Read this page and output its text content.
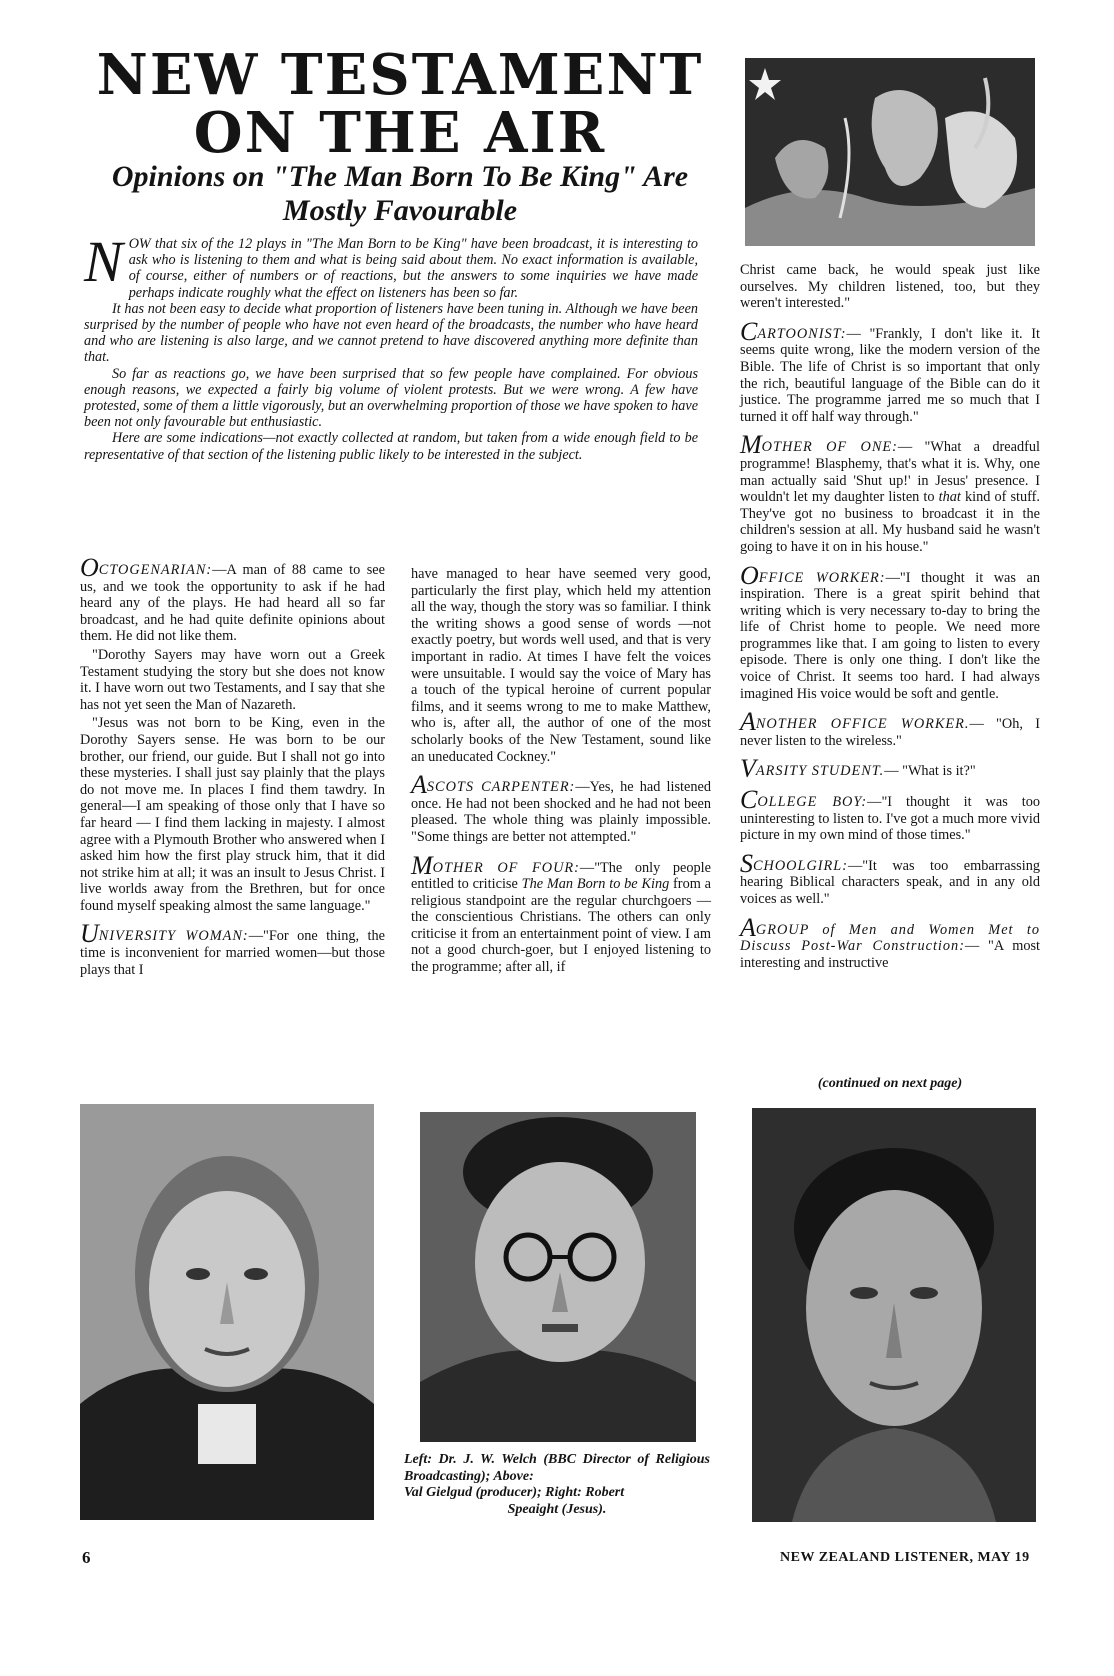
NEW TESTAMENT ON THE AIR
Opinions on "The Man Born To Be King" Are Mostly Favourable

NOW that six of the 12 plays in "The Man Born to be King" have been broadcast, it is interesting to ask who is listening to them and what is being said about them. No exact information is available, of course, either of numbers or of reactions, but the answers to some inquiries we have made perhaps indicate roughly what the effect on listeners has been so far.

It has not been easy to decide what proportion of listeners have been tuning in. Although we have been surprised by the number of people who have not even heard of the broadcasts, the number who have heard and who are listening is also large, and we cannot pretend to have discovered anything more definite than that.

So far as reactions go, we have been surprised that so few people have complained. For obvious enough reasons, we expected a fairly big volume of violent protests. But we were wrong. A few have protested, some of them a little vigorously, but an overwhelming proportion of those we have spoken to have been not only favourable but enthusiastic.

Here are some indications—not exactly collected at random, but taken from a wide enough field to be representative of that section of the listening public likely to be interested in the subject.

OCTOGENARIAN:—A man of 88 came to see us, and we took the opportunity to ask if he had heard any of the plays. He had heard all so far broadcast, and he had quite definite opinions about them. He did not like them.

"Dorothy Sayers may have worn out a Greek Testament studying the story but she does not know it. I have worn out two Testaments, and I say that she has not yet seen the Man of Nazareth.

"Jesus was not born to be King, even in the Dorothy Sayers sense. He was born to be our brother, our friend, our guide. But I shall not go into these mysteries. I shall just say plainly that the plays do not move me. In places I find them tawdry. In general—I am speaking of those only that I have so far heard — I find them lacking in majesty. I almost agree with a Plymouth Brother who answered when I asked him how the first play struck him, that it did not strike him at all; it was an insult to Jesus Christ. I live worlds away from the Brethren, but for once found myself speaking almost the same language."

UNIVERSITY WOMAN:—"For one thing, the time is inconvenient for married women—but those plays that I

have managed to hear have seemed very good, particularly the first play, which held my attention all the way, though the story was so familiar. I think the writing shows a good sense of words —not exactly poetry, but words well used, and that is very important in radio. At times I have felt the voices were unsuitable. I would say the voice of Mary has a touch of the typical heroine of current popular films, and it seems wrong to me to make Matthew, who is, after all, the author of one of the most scholarly books of the New Testament, sound like an uneducated Cockney."

ASCOTS CARPENTER:—Yes, he had listened once. He had not been shocked and he had not been pleased. The whole thing was plainly impossible. "Some things are better not attempted."

MOTHER OF FOUR:—"The only people entitled to criticise The Man Born to be King from a religious standpoint are the regular churchgoers — the conscientious Christians. The others can only criticise it from an entertainment point of view. I am not a good church-goer, but I enjoyed listening to the programme; after all, if

Christ came back, he would speak just like ourselves. My children listened, too, but they weren't interested."

CARTOONIST:— "Frankly, I don't like it. It seems quite wrong, like the modern version of the Bible. The life of Christ is so important that only the rich, beautiful language of the Bible can do it justice. The programme jarred me so much that I turned it off half way through."

MOTHER OF ONE:— "What a dreadful programme! Blasphemy, that's what it is. Why, one man actually said 'Shut up!' in Jesus' presence. I wouldn't let my daughter listen to that kind of stuff. They've got no business to broadcast it in the children's session at all. My husband said he wasn't going to have it on in his house."

OFFICE WORKER:—"I thought it was an inspiration. There is a great spirit behind that writing which is very necessary to-day to bring the life of Christ home to people. We need more programmes like that. I am going to listen to every episode. There is only one thing. I don't like the voice of Christ. It seems too hard. I had always imagined His voice would be soft and gentle.

ANOTHER OFFICE WORKER.— "Oh, I never listen to the wireless."

VARSITY STUDENT.— "What is it?"

COLLEGE BOY:—"I thought it was too uninteresting to listen to. I've got a much more vivid picture in my own mind of those times."

SCHOOLGIRL:—"It was too embarrassing hearing Biblical characters speak, and in any old voices as well."

AGROUP of Men and Women Met to Discuss Post-War Construction:— "A most interesting and instructive

(continued on next page)
Left: Dr. J. W. Welch (BBC Director of Religious Broadcasting); Above:
Val Gielgud (producer); Right: Robert
Speaight (Jesus).
6	NEW ZEALAND LISTENER, MAY 19
